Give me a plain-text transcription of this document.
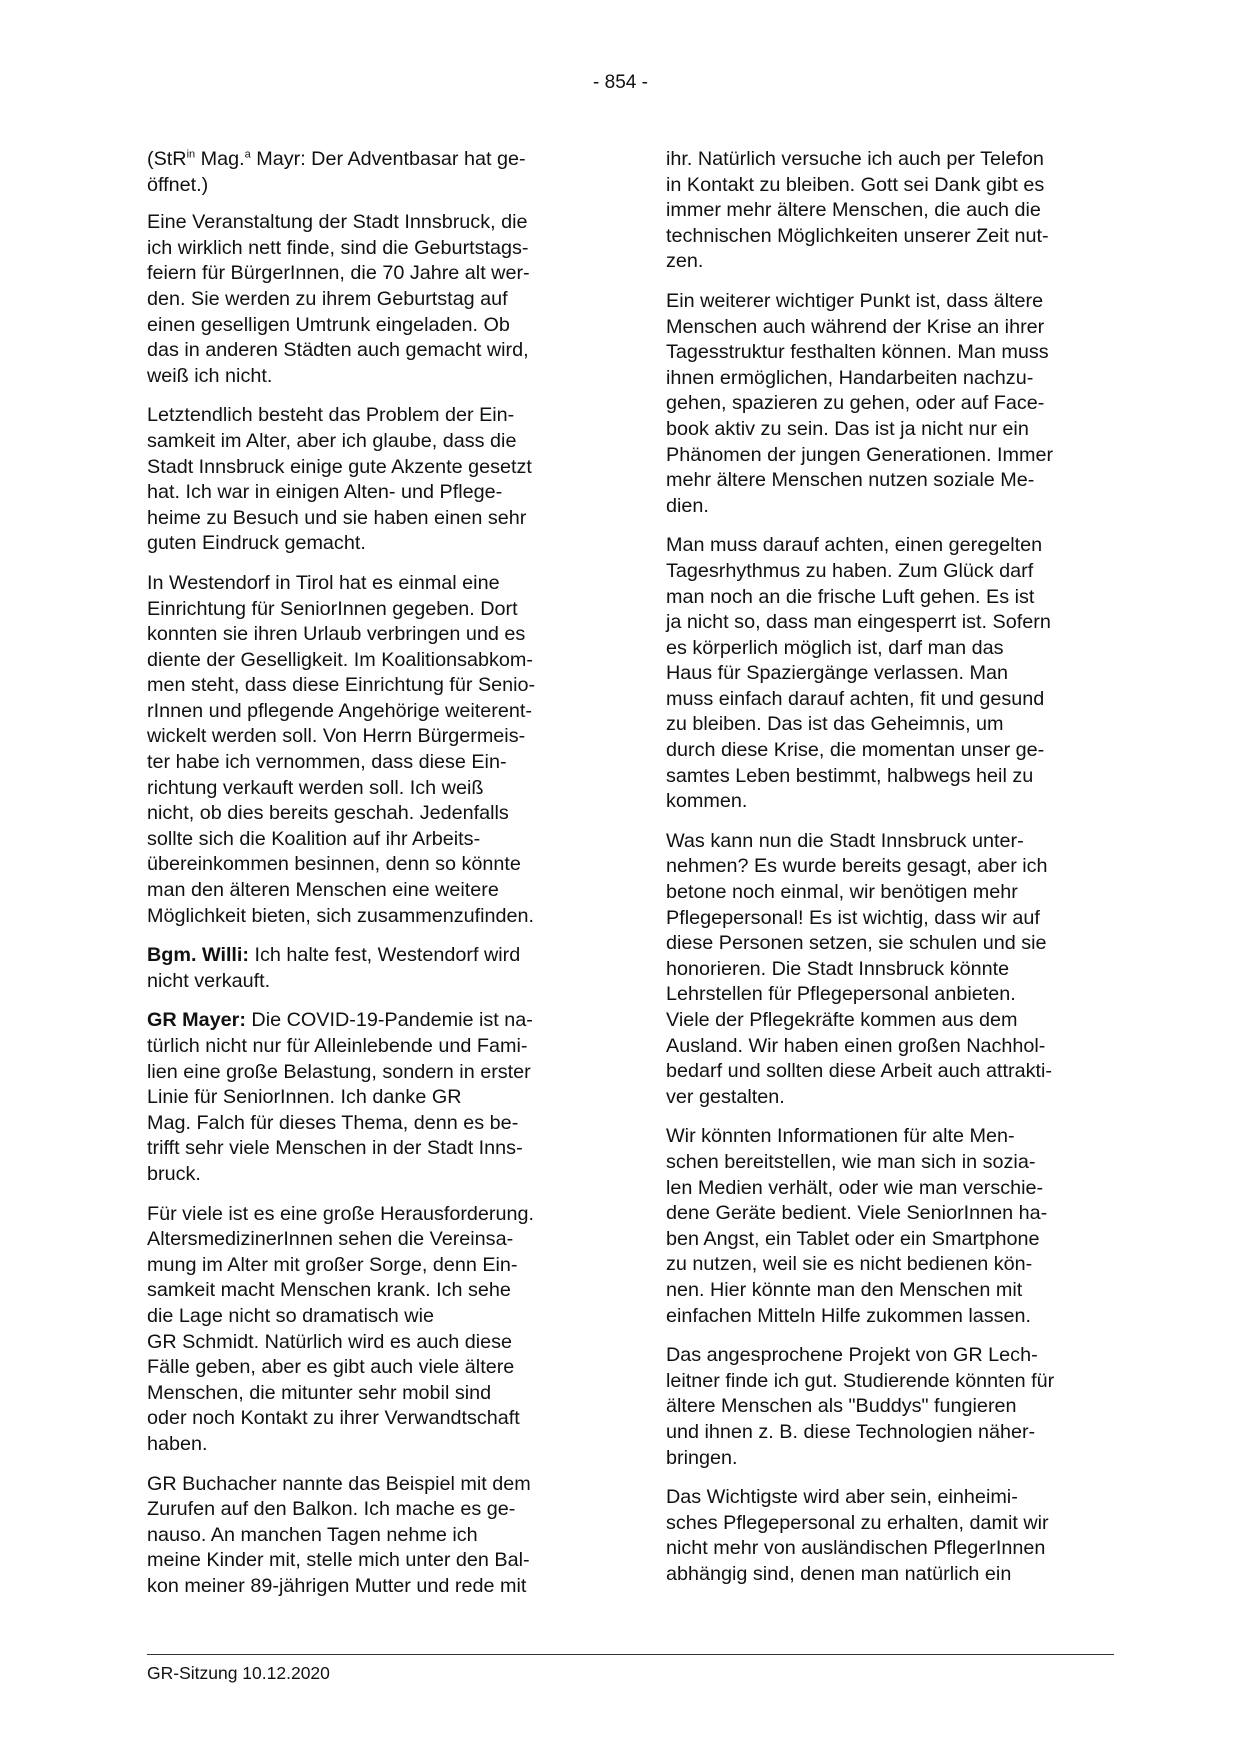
- 854 -

(StR$^{in}$ Mag.$^a$ Mayr: Der Adventbasar hat ge-
öffnet.)

Eine Veranstaltung der Stadt Innsbruck, die
ich wirklich nett finde, sind die Geburtstags-
feiern für BürgerInnen, die 70 Jahre alt wer-
den. Sie werden zu ihrem Geburtstag auf
einen geselligen Umtrunk eingeladen. Ob
das in anderen Städten auch gemacht wird,
weiß ich nicht.

Letztendlich besteht das Problem der Ein-
samkeit im Alter, aber ich glaube, dass die
Stadt Innsbruck einige gute Akzente gesetzt
hat. Ich war in einigen Alten- und Pflege-
heime zu Besuch und sie haben einen sehr
guten Eindruck gemacht.

In Westendorf in Tirol hat es einmal eine
Einrichtung für SeniorInnen gegeben. Dort
konnten sie ihren Urlaub verbringen und es
diente der Geselligkeit. Im Koalitionsabkom-
men steht, dass diese Einrichtung für Senio-
rInnen und pflegende Angehörige weiterent-
wickelt werden soll. Von Herrn Bürgermeis-
ter habe ich vernommen, dass diese Ein-
richtung verkauft werden soll. Ich weiß
nicht, ob dies bereits geschah. Jedenfalls
sollte sich die Koalition auf ihr Arbeits-
übereinkommen besinnen, denn so könnte
man den älteren Menschen eine weitere
Möglichkeit bieten, sich zusammenzufinden.

Bgm. Willi: Ich halte fest, Westendorf wird
nicht verkauft.

GR Mayer: Die COVID-19-Pandemie ist na-
türlich nicht nur für Alleinlebende und Fami-
lien eine große Belastung, sondern in erster
Linie für SeniorInnen. Ich danke GR
Mag. Falch für dieses Thema, denn es be-
trifft sehr viele Menschen in der Stadt Inns-
bruck.

Für viele ist es eine große Herausforderung.
AltersmedizinerInnen sehen die Vereinsa-
mung im Alter mit großer Sorge, denn Ein-
samkeit macht Menschen krank. Ich sehe
die Lage nicht so dramatisch wie
GR Schmidt. Natürlich wird es auch diese
Fälle geben, aber es gibt auch viele ältere
Menschen, die mitunter sehr mobil sind
oder noch Kontakt zu ihrer Verwandtschaft
haben.

GR Buchacher nannte das Beispiel mit dem
Zurufen auf den Balkon. Ich mache es ge-
nauso. An manchen Tagen nehme ich
meine Kinder mit, stelle mich unter den Bal-
kon meiner 89-jährigen Mutter und rede mit

ihr. Natürlich versuche ich auch per Telefon
in Kontakt zu bleiben. Gott sei Dank gibt es
immer mehr ältere Menschen, die auch die
technischen Möglichkeiten unserer Zeit nut-
zen.

Ein weiterer wichtiger Punkt ist, dass ältere
Menschen auch während der Krise an ihrer
Tagesstruktur festhalten können. Man muss
ihnen ermöglichen, Handarbeiten nachzu-
gehen, spazieren zu gehen, oder auf Face-
book aktiv zu sein. Das ist ja nicht nur ein
Phänomen der jungen Generationen. Immer
mehr ältere Menschen nutzen soziale Me-
dien.

Man muss darauf achten, einen geregelten
Tagesrhythmus zu haben. Zum Glück darf
man noch an die frische Luft gehen. Es ist
ja nicht so, dass man eingesperrt ist. Sofern
es körperlich möglich ist, darf man das
Haus für Spaziergänge verlassen. Man
muss einfach darauf achten, fit und gesund
zu bleiben. Das ist das Geheimnis, um
durch diese Krise, die momentan unser ge-
samtes Leben bestimmt, halbwegs heil zu
kommen.

Was kann nun die Stadt Innsbruck unter-
nehmen? Es wurde bereits gesagt, aber ich
betone noch einmal, wir benötigen mehr
Pflegepersonal! Es ist wichtig, dass wir auf
diese Personen setzen, sie schulen und sie
honorieren. Die Stadt Innsbruck könnte
Lehrstellen für Pflegepersonal anbieten.
Viele der Pflegekräfte kommen aus dem
Ausland. Wir haben einen großen Nachhol-
bedarf und sollten diese Arbeit auch attrakti-
ver gestalten.

Wir könnten Informationen für alte Men-
schen bereitstellen, wie man sich in sozia-
len Medien verhält, oder wie man verschie-
dene Geräte bedient. Viele SeniorInnen ha-
ben Angst, ein Tablet oder ein Smartphone
zu nutzen, weil sie es nicht bedienen kön-
nen. Hier könnte man den Menschen mit
einfachen Mitteln Hilfe zukommen lassen.

Das angesprochene Projekt von GR Lech-
leitner finde ich gut. Studierende könnten für
ältere Menschen als "Buddys" fungieren
und ihnen z. B. diese Technologien näher-
bringen.

Das Wichtigste wird aber sein, einheimi-
sches Pflegepersonal zu erhalten, damit wir
nicht mehr von ausländischen PflegerInnen
abhängig sind, denen man natürlich ein

GR-Sitzung 10.12.2020
